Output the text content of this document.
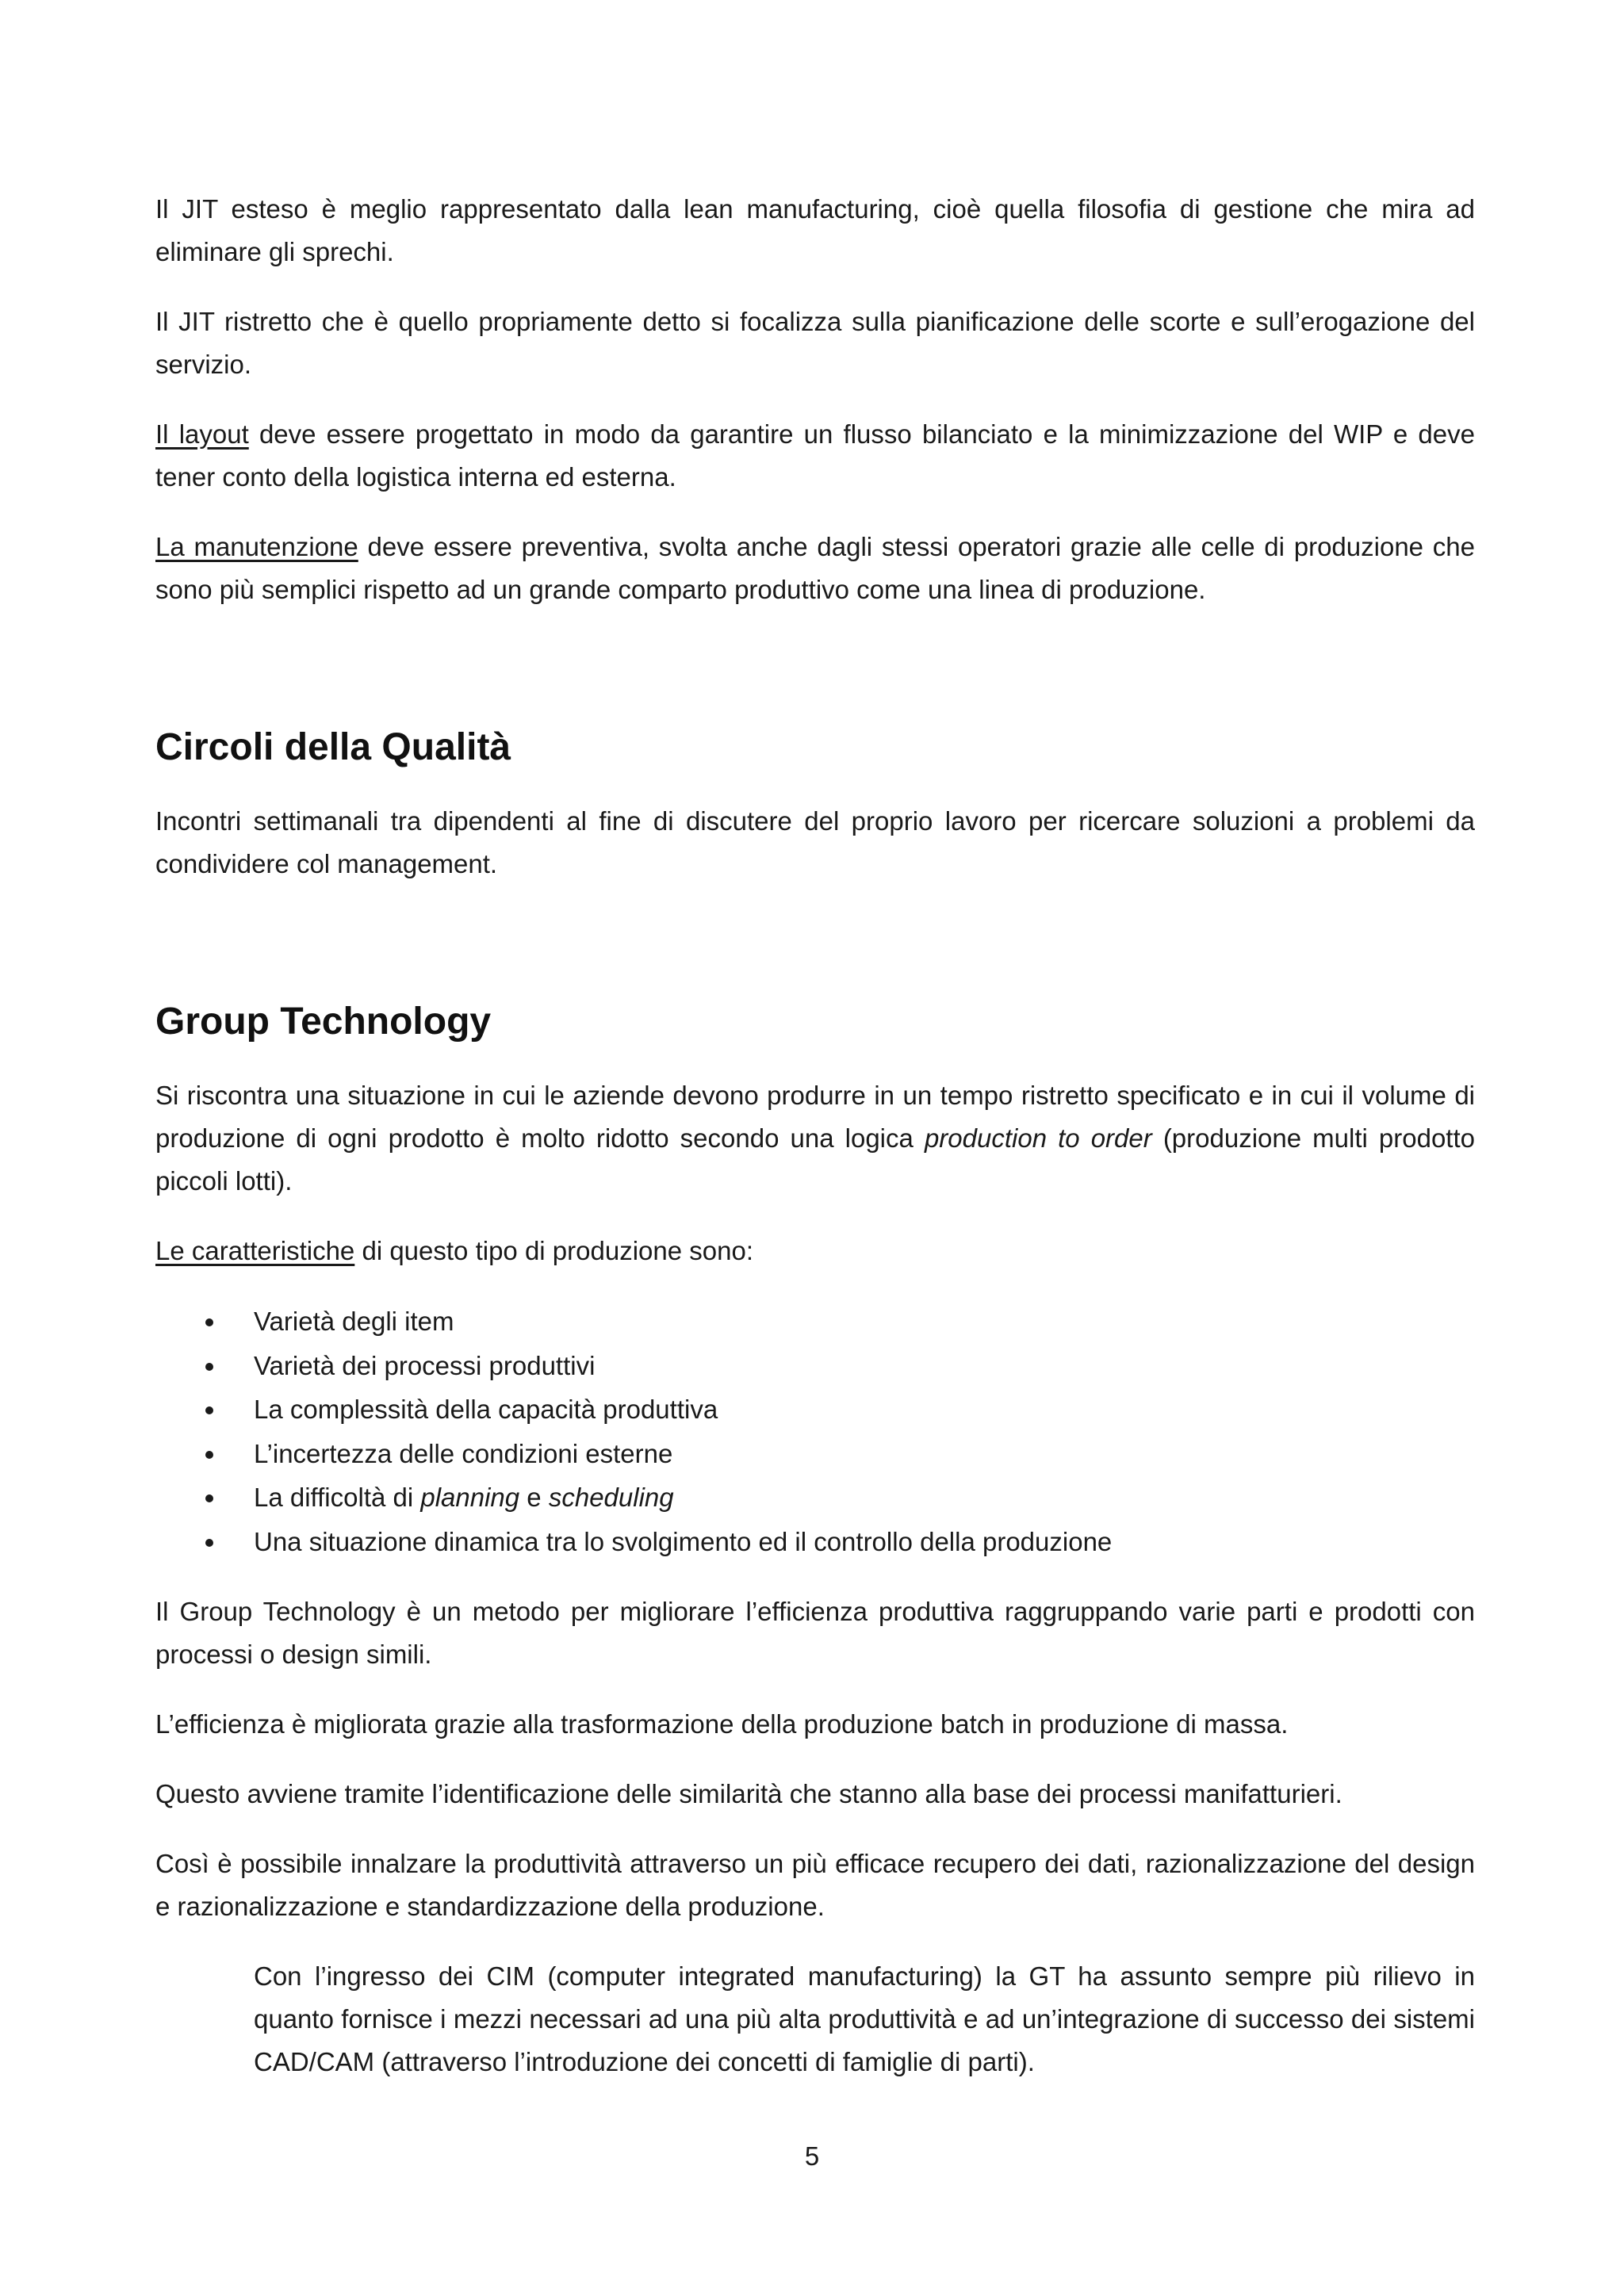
Il JIT esteso è meglio rappresentato dalla lean manufacturing, cioè quella filosofia di gestione che mira ad eliminare gli sprechi.

Il JIT ristretto che è quello propriamente detto si focalizza sulla pianificazione delle scorte e sull’erogazione del servizio.

Il layout deve essere progettato in modo da garantire un flusso bilanciato e la minimizzazione del WIP e deve tener conto della logistica interna ed esterna.

La manutenzione deve essere preventiva, svolta anche dagli stessi operatori grazie alle celle di produzione che sono più semplici rispetto ad un grande comparto produttivo come una linea di produzione.

Circoli della Qualità

Incontri settimanali tra dipendenti al fine di discutere del proprio lavoro per ricercare soluzioni a problemi da condividere col management.

Group Technology

Si riscontra una situazione in cui le aziende devono produrre in un tempo ristretto specificato e in cui il volume di produzione di ogni prodotto è molto ridotto secondo una logica production to order (produzione multi prodotto piccoli lotti).

Le caratteristiche di questo tipo di produzione sono:

Varietà degli item
Varietà dei processi produttivi
La complessità della capacità produttiva
L’incertezza delle condizioni esterne
La difficoltà di planning e scheduling
Una situazione dinamica tra lo svolgimento ed il controllo della produzione

Il Group Technology è un metodo per migliorare l’efficienza produttiva raggruppando varie parti e prodotti con processi o design simili.

L’efficienza è migliorata grazie alla trasformazione della produzione batch in produzione di massa.

Questo avviene tramite l’identificazione delle similarità che stanno alla base dei processi manifatturieri.

Così è possibile innalzare la produttività attraverso un più efficace recupero dei dati, razionalizzazione del design e razionalizzazione e standardizzazione della produzione.

Con l’ingresso dei CIM (computer integrated manufacturing) la GT ha assunto sempre più rilievo in quanto fornisce i mezzi necessari ad una più alta produttività e ad un’integrazione di successo dei sistemi CAD/CAM (attraverso l’introduzione dei concetti di famiglie di parti).

5
